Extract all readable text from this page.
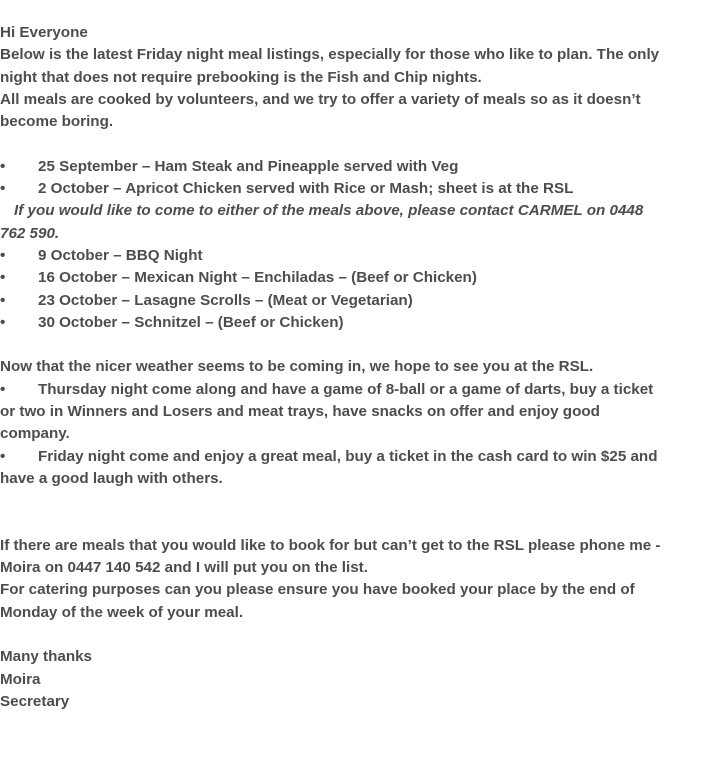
Hi Everyone
Below is the latest Friday night meal listings, especially for those who like to plan. The only
night that does not require prebooking is the Fish and Chip nights.
All meals are cooked by volunteers, and we try to offer a variety of meals so as it doesn’t
become boring.
• 25 September – Ham Steak and Pineapple served with Veg
• 2 October – Apricot Chicken served with Rice or Mash; sheet is at the RSL
If you would like to come to either of the meals above, please contact CARMEL on 0448
762 590.
• 9 October – BBQ Night
• 16 October – Mexican Night – Enchiladas – (Beef or Chicken)
• 23 October – Lasagne Scrolls – (Meat or Vegetarian)
• 30 October – Schnitzel – (Beef or Chicken)
Now that the nicer weather seems to be coming in, we hope to see you at the RSL.
• Thursday night come along and have a game of 8-ball or a game of darts, buy a ticket
or two in Winners and Losers and meat trays, have snacks on offer and enjoy good
company.
• Friday night come and enjoy a great meal, buy a ticket in the cash card to win $25 and
have a good laugh with others.
If there are meals that you would like to book for but can’t get to the RSL please phone me -
Moira on 0447 140 542 and I will put you on the list.
For catering purposes can you please ensure you have booked your place by the end of
Monday of the week of your meal.
Many thanks
Moira
Secretary
